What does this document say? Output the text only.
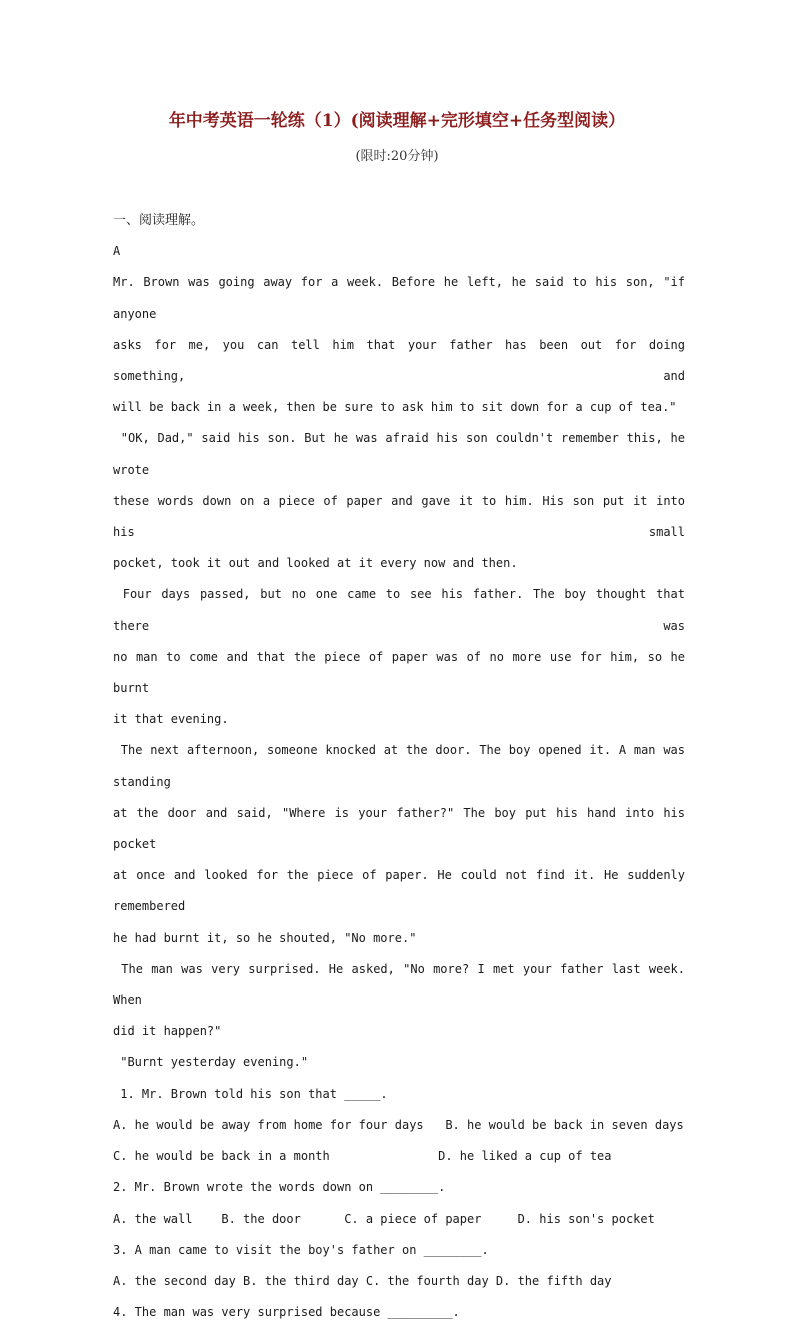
年中考英语一轮练（1）(阅读理解+完形填空+任务型阅读）
(限时:20分钟)

一、阅读理解。

A

Mr. Brown was going away for a week. Before he left, he said to his son, "if anyone

asks for me, you can tell him that your father has been out for doing something, and

will be back in a week, then be sure to ask him to sit down for a cup of tea."

"OK, Dad," said his son. But he was afraid his son couldn't remember this, he wrote

these words down on a piece of paper and gave it to him. His son put it into his small

pocket, took it out and looked at it every now and then.

Four days passed, but no one came to see his father. The boy thought that there was

no man to come and that the piece of paper was of no more use for him, so he burnt

it that evening.

The next afternoon, someone knocked at the door. The boy opened it. A man was standing

at the door and said, "Where is your father?" The boy put his hand into his pocket

at once and looked for the piece of paper. He could not find it. He suddenly remembered

he had burnt it, so he shouted, "No more."

The man was very surprised. He asked, "No more? I met your father last week. When

did it happen?"

"Burnt yesterday evening."

1. Mr. Brown told his son that _____.

A. he would be away from home for four days   B. he would be back in seven days

C. he would be back in a month               D. he liked a cup of tea

2. Mr. Brown wrote the words down on ________.

A. the wall    B. the door      C. a piece of paper     D. his son's pocket

3. A man came to visit the boy's father on ________.

A. the second day B. the third day C. the fourth day D. the fifth day

4. The man was very surprised because _________.
